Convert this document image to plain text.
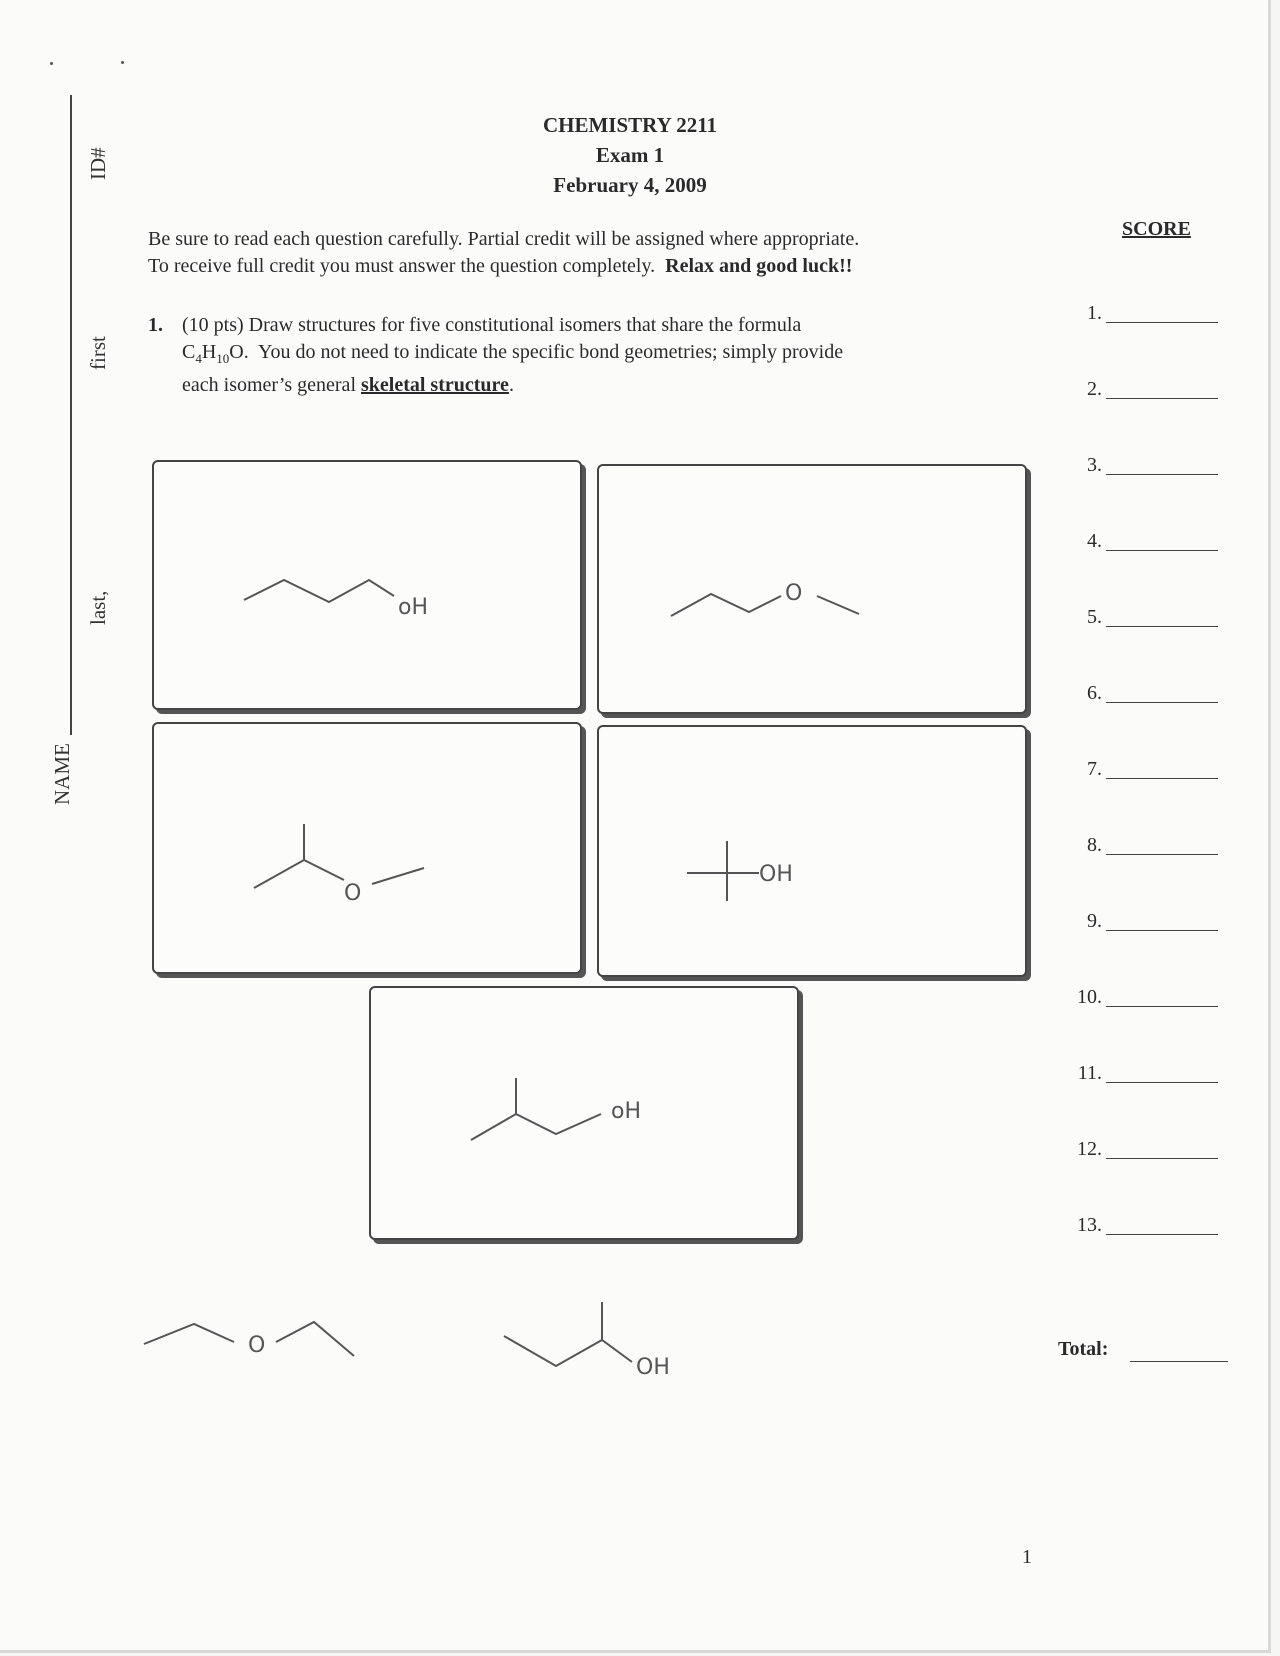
ID#
first
last,
NAME
CHEMISTRY 2211
Exam 1
February 4, 2009
Be sure to read each question carefully. Partial credit will be assigned where appropriate.
To receive full credit you must answer the question completely.  Relax and good luck!!
SCORE
1. (10 pts) Draw structures for five constitutional isomers that share the formula
$C_4H_{10}O$.  You do not need to indicate the specific bond geometries; simply provide
each isomer’s general skeletal structure.
1.
2.
3.
4.
5.
6.
7.
8.
9.
10.
11.
12.
13.
Total:
oH
O
O
OH
oH
O
OH
1
